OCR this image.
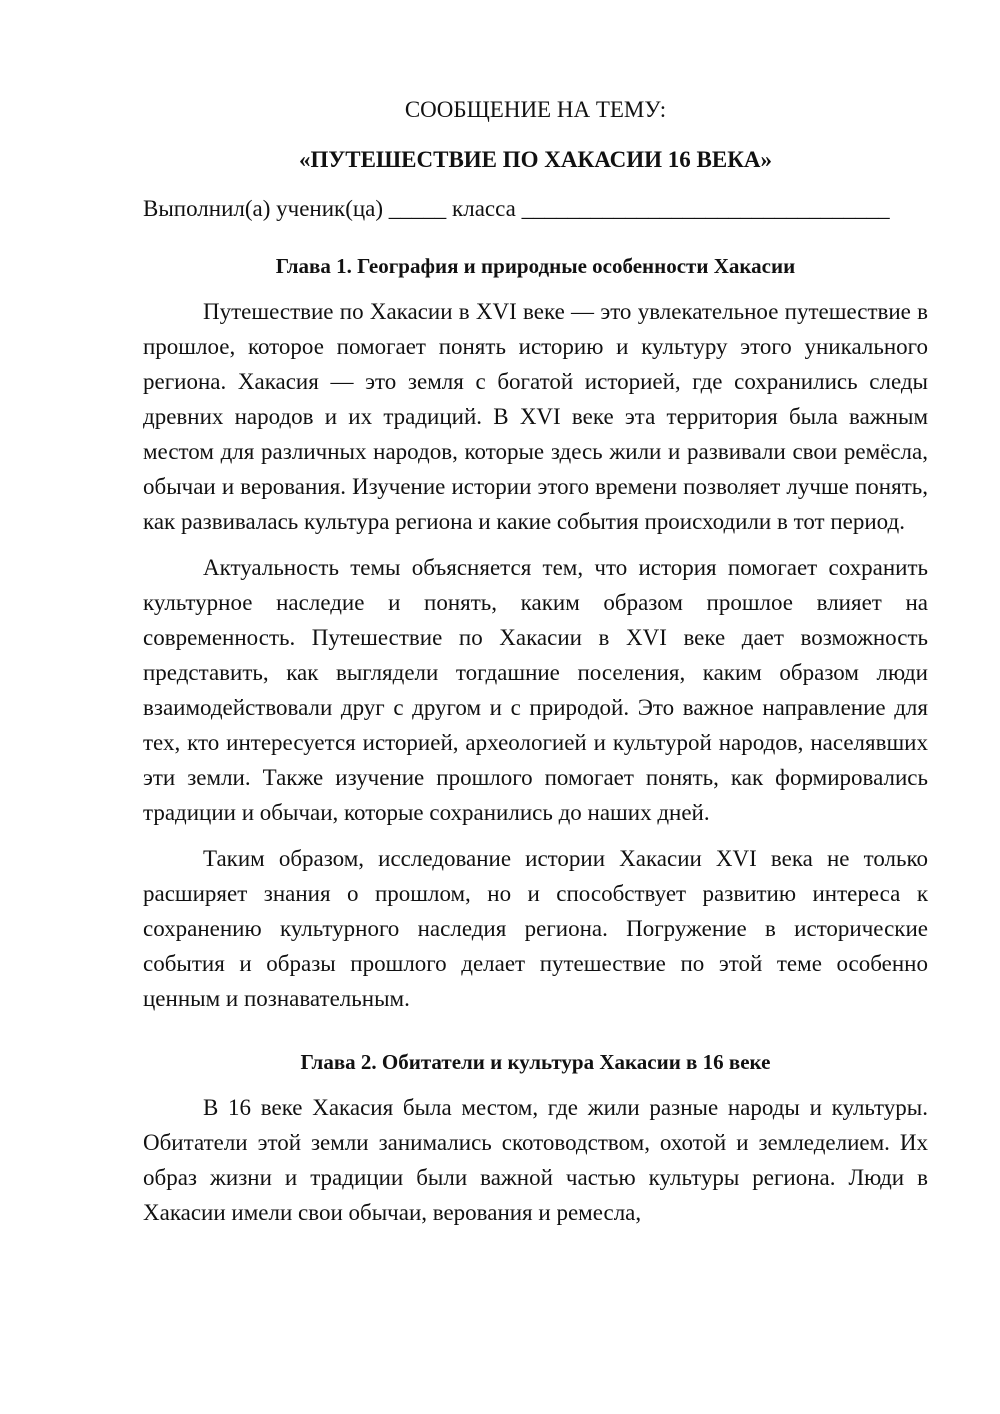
СООБЩЕНИЕ НА ТЕМУ:
«ПУТЕШЕСТВИЕ ПО ХАКАСИИ 16 ВЕКА»

Выполнил(а) ученик(ца) _____ класса ________________________________

Глава 1. География и природные особенности Хакасии

Путешествие по Хакасии в XVI веке — это увлекательное путешествие в прошлое, которое помогает понять историю и культуру этого уникального региона. Хакасия — это земля с богатой историей, где сохранились следы древних народов и их традиций. В XVI веке эта территория была важным местом для различных народов, которые здесь жили и развивали свои ремёсла, обычаи и верования. Изучение истории этого времени позволяет лучше понять, как развивалась культура региона и какие события происходили в тот период.

Актуальность темы объясняется тем, что история помогает сохранить культурное наследие и понять, каким образом прошлое влияет на современность. Путешествие по Хакасии в XVI веке дает возможность представить, как выглядели тогдашние поселения, каким образом люди взаимодействовали друг с другом и с природой. Это важное направление для тех, кто интересуется историей, археологией и культурой народов, населявших эти земли. Также изучение прошлого помогает понять, как формировались традиции и обычаи, которые сохранились до наших дней.

Таким образом, исследование истории Хакасии XVI века не только расширяет знания о прошлом, но и способствует развитию интереса к сохранению культурного наследия региона. Погружение в исторические события и образы прошлого делает путешествие по этой теме особенно ценным и познавательным.

Глава 2. Обитатели и культура Хакасии в 16 веке

В 16 веке Хакасия была местом, где жили разные народы и культуры. Обитатели этой земли занимались скотоводством, охотой и земледелием. Их образ жизни и традиции были важной частью культуры региона. Люди в Хакасии имели свои обычаи, верования и ремесла,
